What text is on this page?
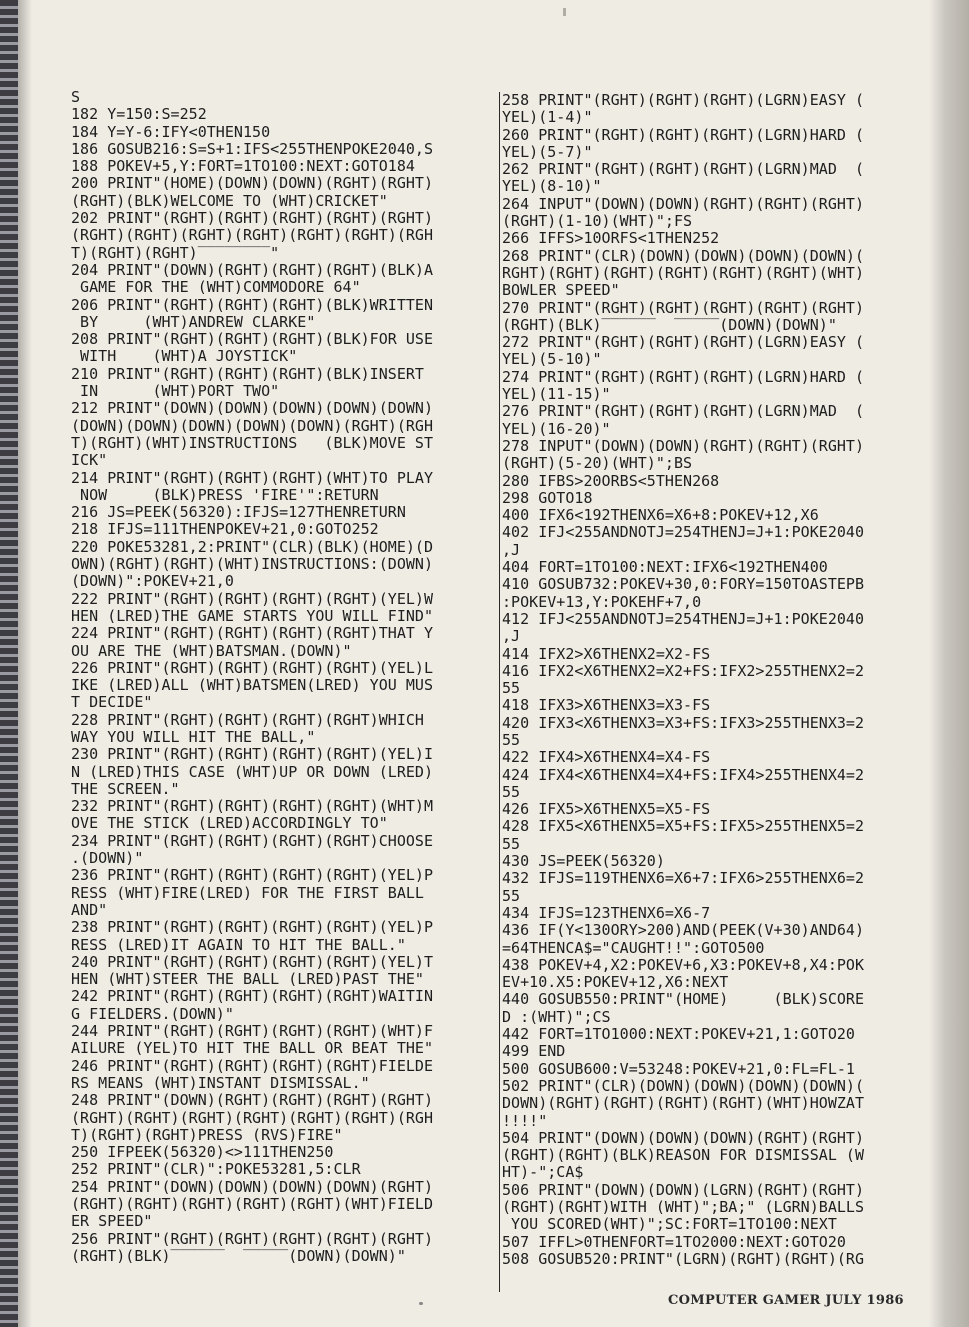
S
182 Y=150:S=252
184 Y=Y-6:IFY<0THEN150
186 GOSUB216:S=S+1:IFS<255THENPOKE2040,S
188 POKEV+5,Y:FORT=1TO100:NEXT:GOTO184
200 PRINT"(HOME)(DOWN)(DOWN)(RGHT)(RGHT)
(RGHT)(BLK)WELCOME TO (WHT)CRICKET"
202 PRINT"(RGHT)(RGHT)(RGHT)(RGHT)(RGHT)
(RGHT)(RGHT)(RGHT)(RGHT)(RGHT)(RGHT)(RGH
T)(RGHT)(RGHT)‾‾‾‾‾‾‾‾"
204 PRINT"(DOWN)(RGHT)(RGHT)(RGHT)(BLK)A
GAME FOR THE (WHT)COMMODORE 64"
206 PRINT"(RGHT)(RGHT)(RGHT)(BLK)WRITTEN
BY     (WHT)ANDREW CLARKE"
208 PRINT"(RGHT)(RGHT)(RGHT)(BLK)FOR USE
WITH    (WHT)A JOYSTICK"
210 PRINT"(RGHT)(RGHT)(RGHT)(BLK)INSERT
IN      (WHT)PORT TWO"
212 PRINT"(DOWN)(DOWN)(DOWN)(DOWN)(DOWN)
(DOWN)(DOWN)(DOWN)(DOWN)(DOWN)(RGHT)(RGH
T)(RGHT)(WHT)INSTRUCTIONS   (BLK)MOVE ST
ICK"
214 PRINT"(RGHT)(RGHT)(RGHT)(WHT)TO PLAY
NOW     (BLK)PRESS 'FIRE'":RETURN
216 JS=PEEK(56320):IFJS=127THENRETURN
218 IFJS=111THENPOKEV+21,0:GOTO252
220 POKE53281,2:PRINT"(CLR)(BLK)(HOME)(D
OWN)(RGHT)(RGHT)(WHT)INSTRUCTIONS:(DOWN)
(DOWN)":POKEV+21,0
222 PRINT"(RGHT)(RGHT)(RGHT)(RGHT)(YEL)W
HEN (LRED)THE GAME STARTS YOU WILL FIND"
224 PRINT"(RGHT)(RGHT)(RGHT)(RGHT)THAT Y
OU ARE THE (WHT)BATSMAN.(DOWN)"
226 PRINT"(RGHT)(RGHT)(RGHT)(RGHT)(YEL)L
IKE (LRED)ALL (WHT)BATSMEN(LRED) YOU MUS
T DECIDE"
228 PRINT"(RGHT)(RGHT)(RGHT)(RGHT)WHICH
WAY YOU WILL HIT THE BALL,"
230 PRINT"(RGHT)(RGHT)(RGHT)(RGHT)(YEL)I
N (LRED)THIS CASE (WHT)UP OR DOWN (LRED)
THE SCREEN."
232 PRINT"(RGHT)(RGHT)(RGHT)(RGHT)(WHT)M
OVE THE STICK (LRED)ACCORDINGLY TO"
234 PRINT"(RGHT)(RGHT)(RGHT)(RGHT)CHOOSE
.(DOWN)"
236 PRINT"(RGHT)(RGHT)(RGHT)(RGHT)(YEL)P
RESS (WHT)FIRE(LRED) FOR THE FIRST BALL
AND"
238 PRINT"(RGHT)(RGHT)(RGHT)(RGHT)(YEL)P
RESS (LRED)IT AGAIN TO HIT THE BALL."
240 PRINT"(RGHT)(RGHT)(RGHT)(RGHT)(YEL)T
HEN (WHT)STEER THE BALL (LRED)PAST THE"
242 PRINT"(RGHT)(RGHT)(RGHT)(RGHT)WAITIN
G FIELDERS.(DOWN)"
244 PRINT"(RGHT)(RGHT)(RGHT)(RGHT)(WHT)F
AILURE (YEL)TO HIT THE BALL OR BEAT THE"
246 PRINT"(RGHT)(RGHT)(RGHT)(RGHT)FIELDE
RS MEANS (WHT)INSTANT DISMISSAL."
248 PRINT"(DOWN)(RGHT)(RGHT)(RGHT)(RGHT)
(RGHT)(RGHT)(RGHT)(RGHT)(RGHT)(RGHT)(RGH
T)(RGHT)(RGHT)PRESS (RVS)FIRE"
250 IFPEEK(56320)<>111THEN250
252 PRINT"(CLR)":POKE53281,5:CLR
254 PRINT"(DOWN)(DOWN)(DOWN)(DOWN)(RGHT)
(RGHT)(RGHT)(RGHT)(RGHT)(RGHT)(WHT)FIELD
ER SPEED"
256 PRINT"(RGHT)(RGHT)(RGHT)(RGHT)(RGHT)
(RGHT)(BLK)‾‾‾‾‾‾  ‾‾‾‾‾(DOWN)(DOWN)"
258 PRINT"(RGHT)(RGHT)(RGHT)(LGRN)EASY (
YEL)(1-4)"
260 PRINT"(RGHT)(RGHT)(RGHT)(LGRN)HARD (
YEL)(5-7)"
262 PRINT"(RGHT)(RGHT)(RGHT)(LGRN)MAD  (
YEL)(8-10)"
264 INPUT"(DOWN)(DOWN)(RGHT)(RGHT)(RGHT)
(RGHT)(1-10)(WHT)";FS
266 IFFS>10ORFS<1THEN252
268 PRINT"(CLR)(DOWN)(DOWN)(DOWN)(DOWN)(
RGHT)(RGHT)(RGHT)(RGHT)(RGHT)(RGHT)(WHT)
BOWLER SPEED"
270 PRINT"(RGHT)(RGHT)(RGHT)(RGHT)(RGHT)
(RGHT)(BLK)‾‾‾‾‾‾  ‾‾‾‾‾(DOWN)(DOWN)"
272 PRINT"(RGHT)(RGHT)(RGHT)(LGRN)EASY (
YEL)(5-10)"
274 PRINT"(RGHT)(RGHT)(RGHT)(LGRN)HARD (
YEL)(11-15)"
276 PRINT"(RGHT)(RGHT)(RGHT)(LGRN)MAD  (
YEL)(16-20)"
278 INPUT"(DOWN)(DOWN)(RGHT)(RGHT)(RGHT)
(RGHT)(5-20)(WHT)";BS
280 IFBS>20ORBS<5THEN268
298 GOTO18
400 IFX6<192THENX6=X6+8:POKEV+12,X6
402 IFJ<255ANDNOTJ=254THENJ=J+1:POKE2040
,J
404 FORT=1TO100:NEXT:IFX6<192THEN400
410 GOSUB732:POKEV+30,0:FORY=150TOASTEPB
:POKEV+13,Y:POKEHF+7,0
412 IFJ<255ANDNOTJ=254THENJ=J+1:POKE2040
,J
414 IFX2>X6THENX2=X2-FS
416 IFX2<X6THENX2=X2+FS:IFX2>255THENX2=2
55
418 IFX3>X6THENX3=X3-FS
420 IFX3<X6THENX3=X3+FS:IFX3>255THENX3=2
55
422 IFX4>X6THENX4=X4-FS
424 IFX4<X6THENX4=X4+FS:IFX4>255THENX4=2
55
426 IFX5>X6THENX5=X5-FS
428 IFX5<X6THENX5=X5+FS:IFX5>255THENX5=2
55
430 JS=PEEK(56320)
432 IFJS=119THENX6=X6+7:IFX6>255THENX6=2
55
434 IFJS=123THENX6=X6-7
436 IF(Y<130ORY>200)AND(PEEK(V+30)AND64)
=64THENCA$="CAUGHT!!":GOTO500
438 POKEV+4,X2:POKEV+6,X3:POKEV+8,X4:POK
EV+10.X5:POKEV+12,X6:NEXT
440 GOSUB550:PRINT"(HOME)     (BLK)SCORE
D :(WHT)";CS
442 FORT=1TO1000:NEXT:POKEV+21,1:GOTO20
499 END
500 GOSUB600:V=53248:POKEV+21,0:FL=FL-1
502 PRINT"(CLR)(DOWN)(DOWN)(DOWN)(DOWN)(
DOWN)(RGHT)(RGHT)(RGHT)(RGHT)(WHT)HOWZAT
!!!!"
504 PRINT"(DOWN)(DOWN)(DOWN)(RGHT)(RGHT)
(RGHT)(RGHT)(BLK)REASON FOR DISMISSAL (W
HT)-";CA$
506 PRINT"(DOWN)(DOWN)(LGRN)(RGHT)(RGHT)
(RGHT)(RGHT)WITH (WHT)";BA;" (LGRN)BALLS
YOU SCORED(WHT)";SC:FORT=1TO100:NEXT
507 IFFL>0THENFORT=1TO2000:NEXT:GOTO20
508 GOSUB520:PRINT"(LGRN)(RGHT)(RGHT)(RG
COMPUTER GAMER JULY 1986
